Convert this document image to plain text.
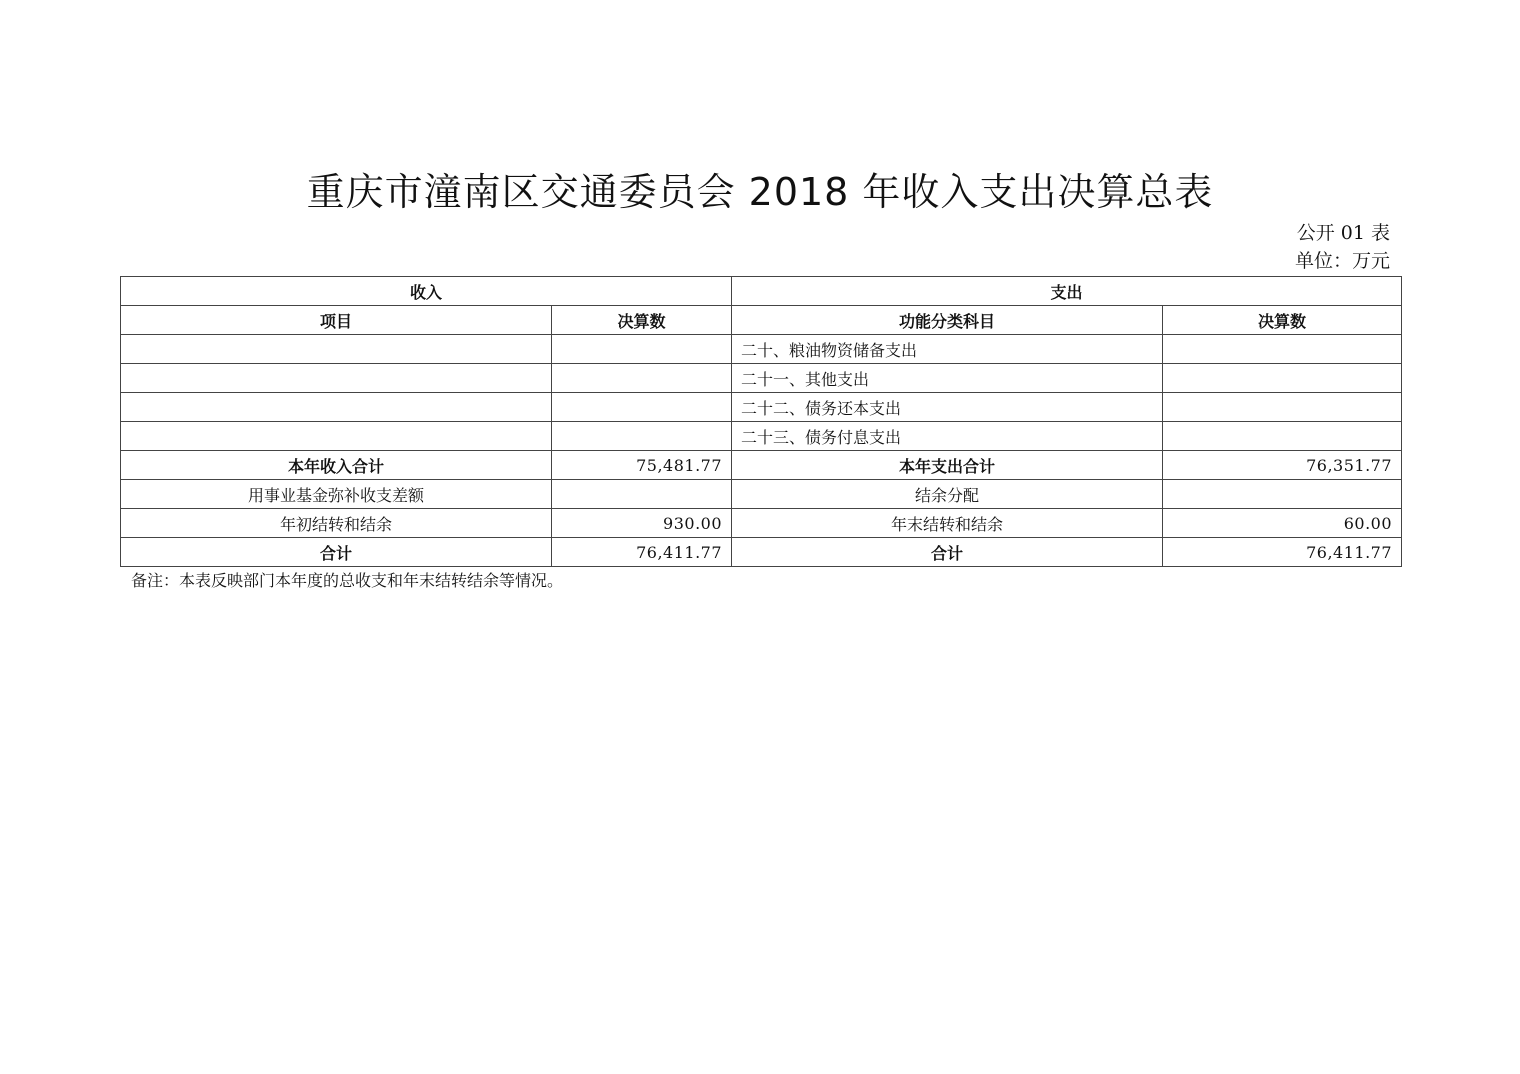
重庆市潼南区交通委员会 2018 年收入支出决算总表
公开 01 表
单位：万元
收入		支出	
项目	决算数	功能分类科目	决算数
		二十、粮油物资储备支出	
		二十一、其他支出	
		二十二、债务还本支出	
		二十三、债务付息支出	
本年收入合计	75,481.77	本年支出合计	76,351.77
用事业基金弥补收支差额		结余分配	
年初结转和结余	930.00	年末结转和结余	60.00
合计	76,411.77	合计	76,411.77
备注：本表反映部门本年度的总收支和年末结转结余等情况。
